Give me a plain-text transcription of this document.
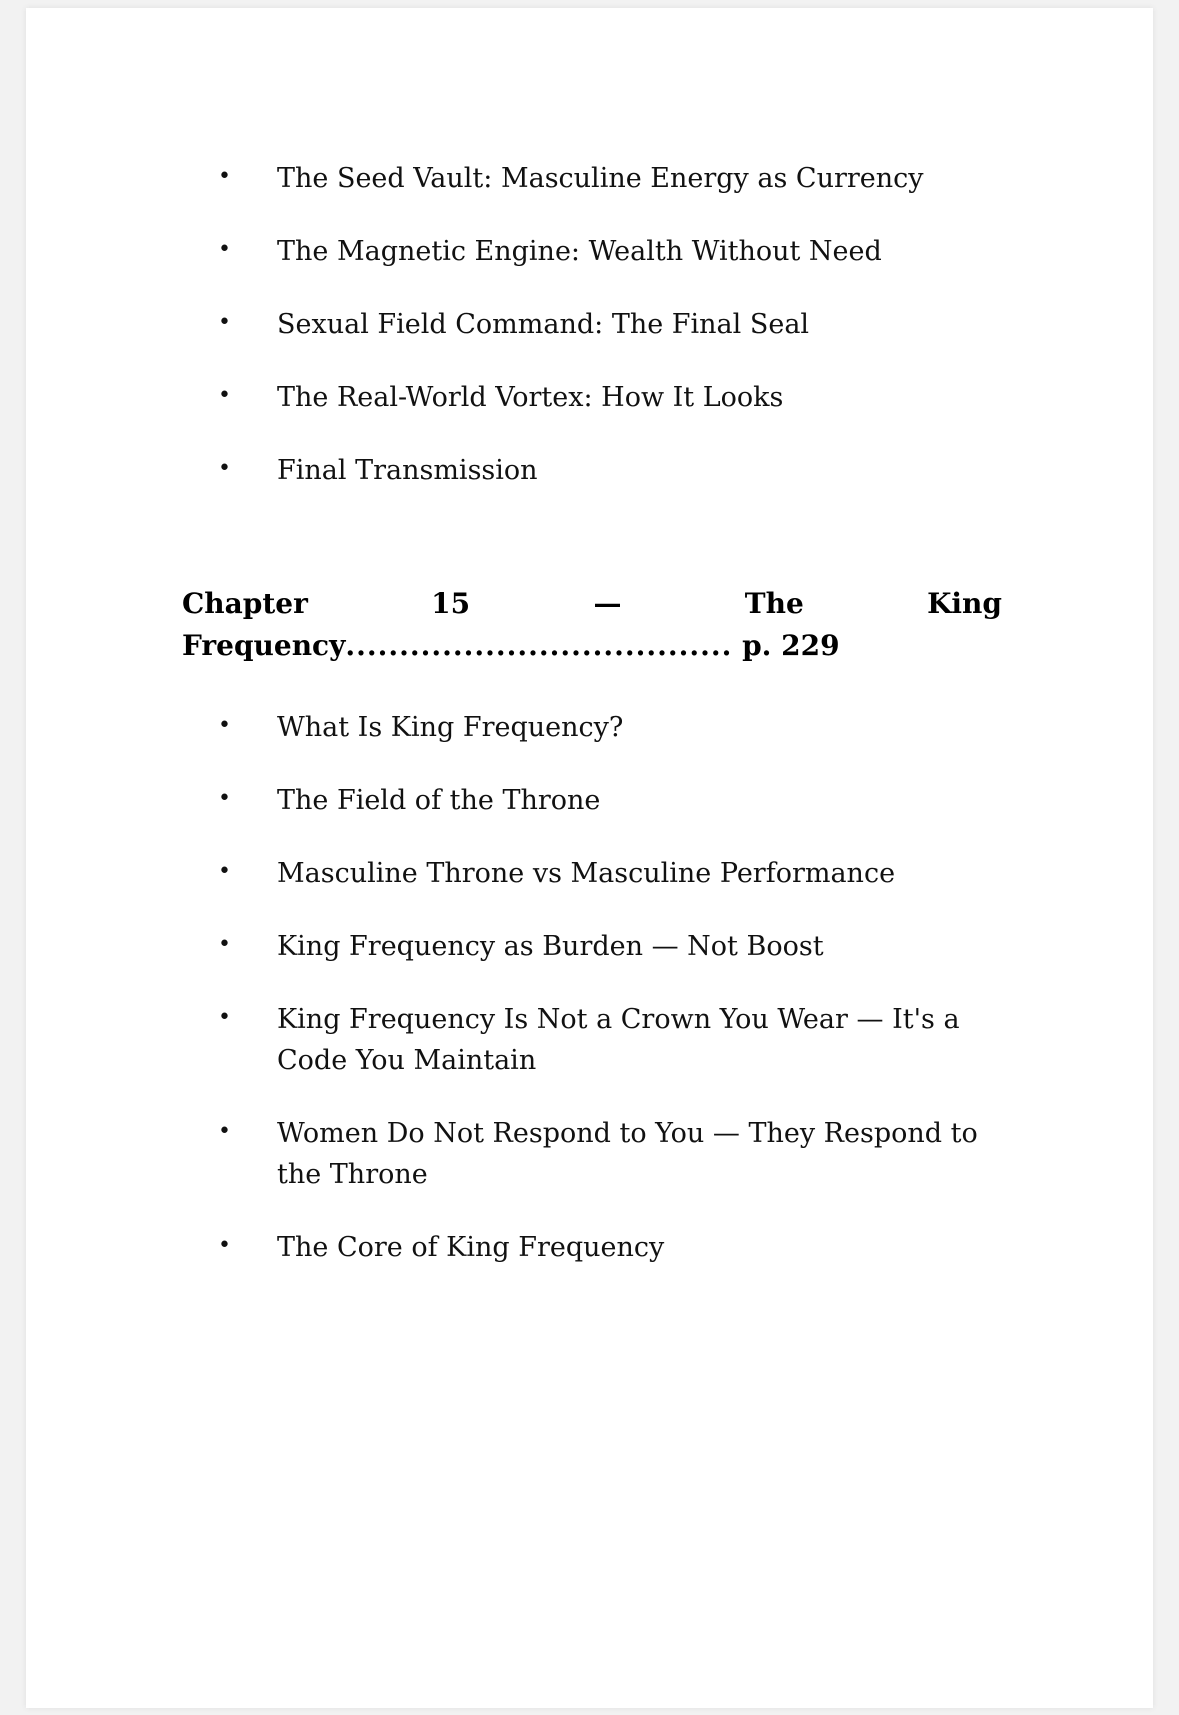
• The Seed Vault: Masculine Energy as Currency
• The Magnetic Engine: Wealth Without Need
• Sexual Field Command: The Final Seal
• The Real-World Vortex: How It Looks
• Final Transmission
Chapter 15 — The King
Frequency.................................... p. 229
• What Is King Frequency?
• The Field of the Throne
• Masculine Throne vs Masculine Performance
• King Frequency as Burden — Not Boost
• King Frequency Is Not a Crown You Wear — It's a Code You Maintain
• Women Do Not Respond to You — They Respond to the Throne
• The Core of King Frequency
